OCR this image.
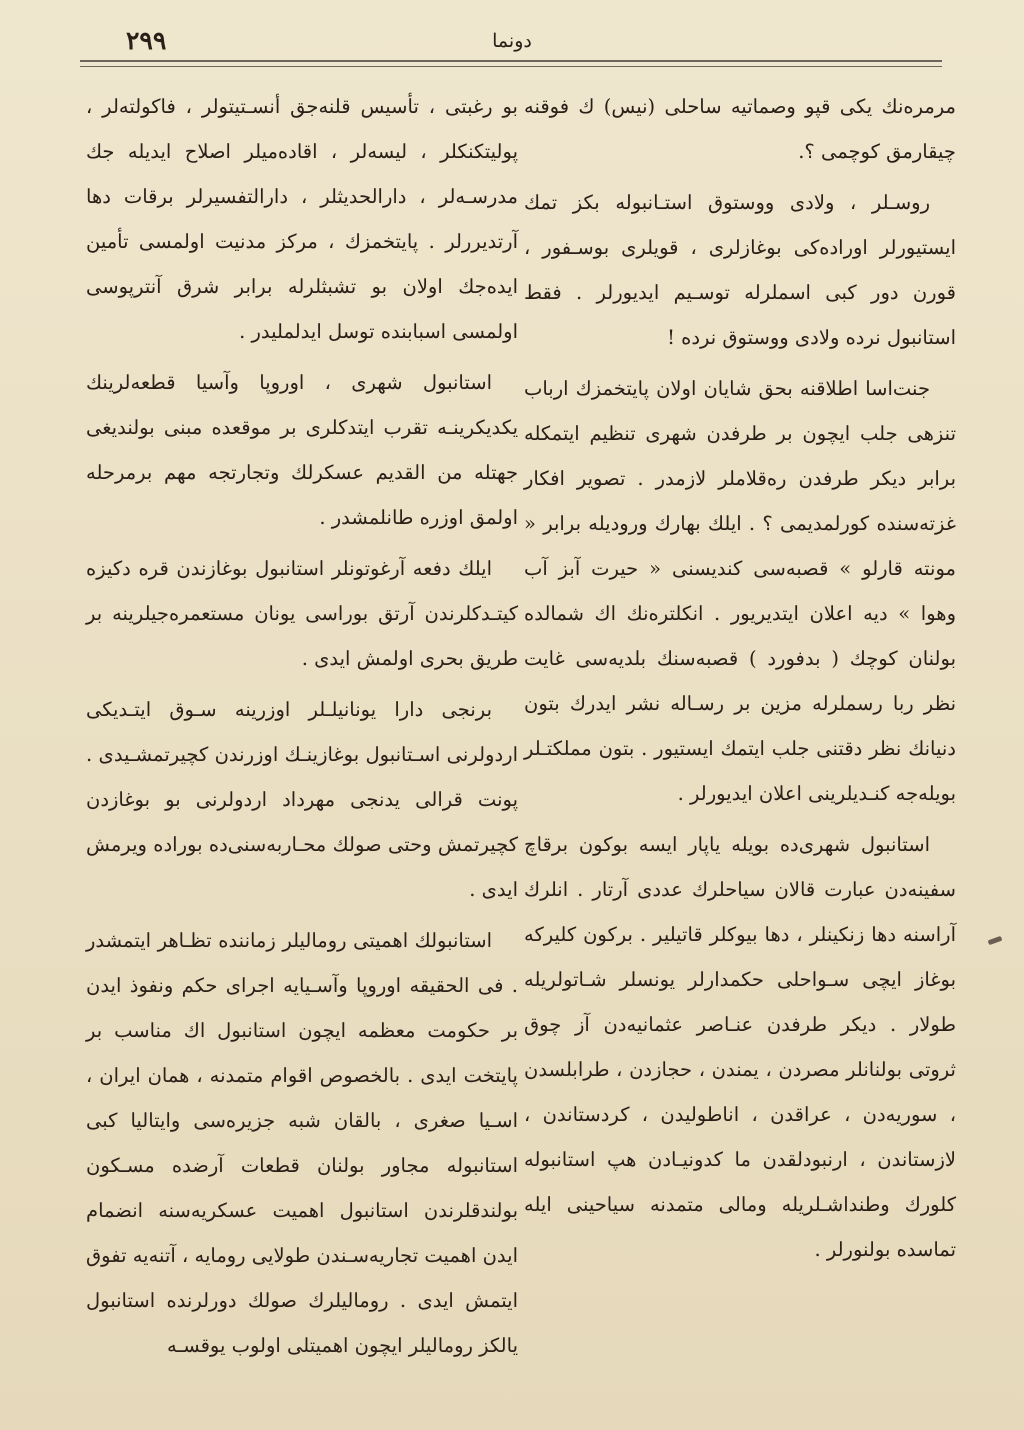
دونما
٢٩٩

مرمره‌نك یكی قپو وصماتیه ساحلی (نیس) ك فوقنه چیقارمق كوچمی ؟.

روسـلر ، ولادی ووستوق استـانبوله بكز تمك ایستیورلر اوراده‌كی بوغازلری ، قویلری بوسـفور ، قورن دور كبی اسملرله توسـیم ایدیورلر . فقط استانبول نرده ولادی ووستوق نرده !

جنت‌اسا اطلاقنه بحق شایان اولان پایتخمزك ارباب تنزهی جلب ایچون بر طرفدن شهری تنظیم ایتمكله برابر دیكر طرفدن ره‌قلاملر لازمدر . تصویر افكار غزته‌سنده كورلمدیمی ؟ . ایلك بهارك وروديله برابر « مونته قارلو » قصبه‌سی كندیسنی « حیرت آبز آب وهوا » دیه اعلان ایتدیریور . انكلتره‌نك اك شمالده بولنان كوچك ( بدفورد ) قصبه‌سنك بلدیه‌سی غایت نظر ربا رسملرله مزین بر رسـاله نشر ایدرك بتون دنیانك نظر دقتنی جلب ایتمك ایستیور . بتون مملكتـلر بویله‌جه كنـدیلرینی اعلان ایدیورلر .

استانبول شهری‌ده بویله یاپار ایسه بوكون برقاچ سفینه‌دن عبارت قالان سیاحلرك عددی آرتار . انلرك آراسنه دها زنكینلر ، دها بیوكلر قاتیلیر . بركون كلیركه بوغاز ایچی سـواحلی حكمدارلر یونسلر شـاتولریله طولار . دیكر طرفدن عنـاصر عثمانیه‌دن آز چوق ثروتی بولنانلر مصردن ، یمندن ، حجازدن ، طرابلسدن ، سوریه‌دن ، عراقدن ، اناطولیدن ، كردستاندن ، لازستاندن ، ارنبودلقدن ما كدونیـادن هپ استانبوله كلورك وطنداشـلریله ومالی متمدنه سیاحینی ایله تماسده بولنورلر .

بو رغبتی ، تأسیس قلنه‌جق أنسـتیتولر ، فاكولته‌لر ، پولیتكنكلر ، لیسه‌لر ، اقاده‌میلر اصلاح ایدیله جك مدرسـه‌لر ، دارالحدیثلر ، دارالتفسیرلر برقات دها آرتدیررلر . پایتخمزك ، مركز مدنیت اولمسی تأمین ایده‌جك اولان بو تشبثلرله برابر شرق آنترپوسی اولمسی اسبابنده توسل ایدلملیدر .

استانبول شهری ، اوروپا وآسیا قطعه‌لرینك یكدیكرینـه تقرب ایتدكلری بر موقعده مبنی بولندیغی جهتله من القدیم عسكرلك وتجارتجه مهم برمرحله اولمق اوزره طانلمشدر .

ایلك دفعه آرغوتونلر استانبول بوغازندن قره دكیزه كیتـدكلرندن آرتق بوراسی یونان مستعمره‌جیلرینه بر طریق بحری اولمش ایدی .

برنجی دارا یونانیلـلر اوزرینه سـوق ایتـدیكی اردولرنی اسـتانبول بوغازینـك اوزرندن كچیرتمشـیدی . پونت قرالی یدنجی مهرداد اردولرنی بو بوغازدن كچیرتمش وحتی صولك محـاربه‌سنی‌ده بوراده ویرمش ایدی .

استانبولك اهمیتی رومالیلر زماننده تظـاهر ایتمشدر . فی الحقیقه اوروپا وآسـیایه اجرای حكم ونفوذ ایدن بر حكومت معظمه ایچون استانبول اك مناسب بر پایتخت ایدی . بالخصوص اقوام متمدنه ، همان ایران ، اسـیا صغری ، بالقان شبه جزیره‌سی وایتالیا كبی استانبوله مجاور بولنان قطعات آرضده مسـكون بولندقلرندن استانبول اهمیت عسكریه‌سنه انضمام ایدن اهمیت تجاریه‌سـندن طولایی رومایه ، آتنه‌یه تفوق ایتمش ایدی . رومالیلرك صولك دورلرنده استانبول یالكز رومالیلر ایچون اهمیتلی اولوب یوقسـه
